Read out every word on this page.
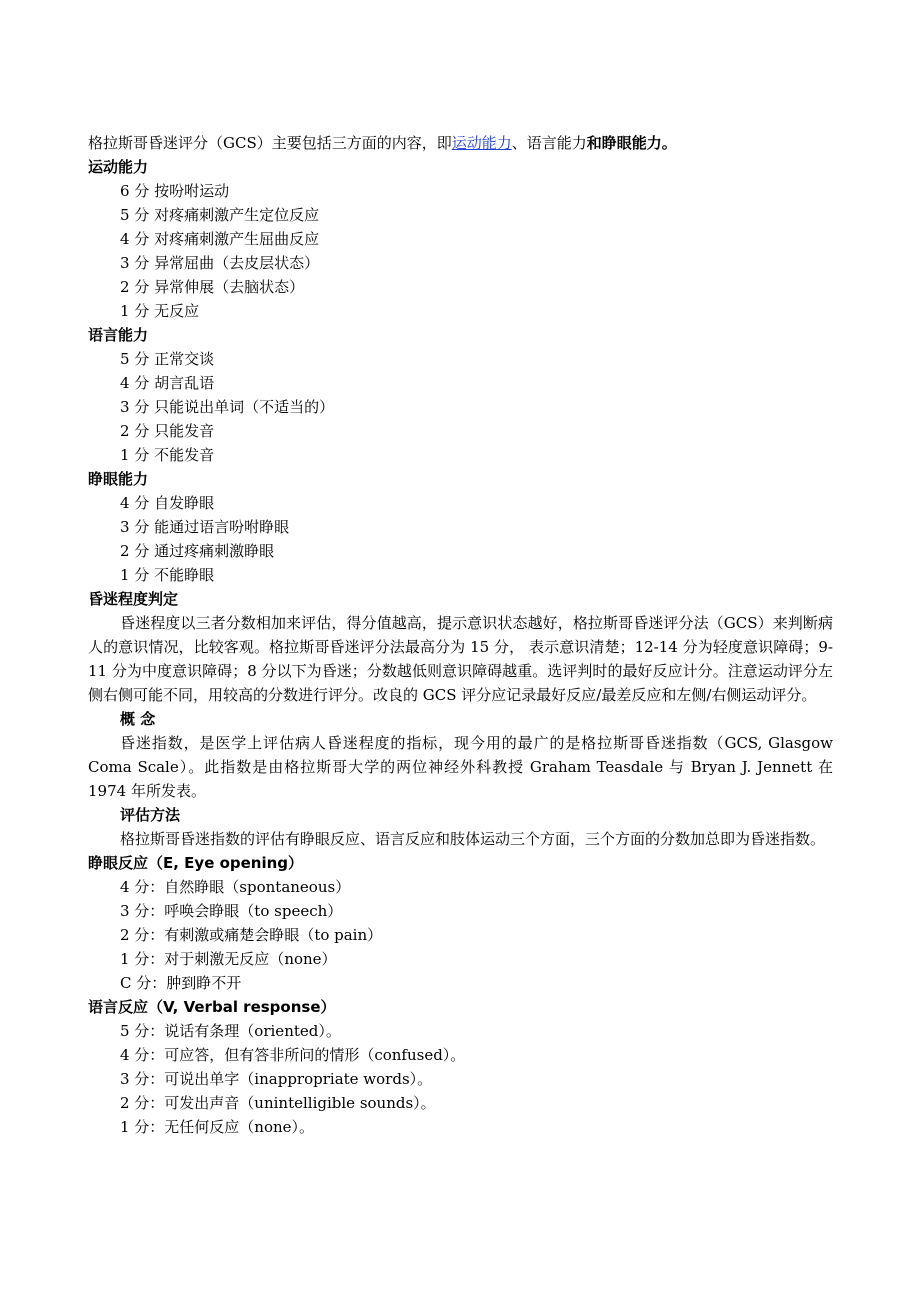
格拉斯哥昏迷评分（GCS）主要包括三方面的内容，即运动能力、语言能力和睁眼能力。
运动能力
6 分 按吩咐运动
5 分 对疼痛刺激产生定位反应
4 分 对疼痛刺激产生屈曲反应
3 分 异常屈曲（去皮层状态）
2 分 异常伸展（去脑状态）
1 分 无反应
语言能力
5 分 正常交谈
4 分 胡言乱语
3 分 只能说出单词（不适当的）
2 分 只能发音
1 分 不能发音
睁眼能力
4 分 自发睁眼
3 分 能通过语言吩咐睁眼
2 分 通过疼痛刺激睁眼
1 分 不能睁眼
昏迷程度判定

昏迷程度以三者分数相加来评估，得分值越高，提示意识状态越好，格拉斯哥昏迷评分法（GCS）来判断病人的意识情况，比较客观。格拉斯哥昏迷评分法最高分为 15 分， 表示意识清楚；12-14 分为轻度意识障碍；9-11 分为中度意识障碍；8 分以下为昏迷；分数越低则意识障碍越重。选评判时的最好反应计分。注意运动评分左侧右侧可能不同，用较高的分数进行评分。改良的 GCS 评分应记录最好反应/最差反应和左侧/右侧运动评分。

概 念

昏迷指数，是医学上评估病人昏迷程度的指标，现今用的最广的是格拉斯哥昏迷指数（GCS, Glasgow Coma Scale）。此指数是由格拉斯哥大学的两位神经外科教授 Graham Teasdale 与 Bryan J. Jennett 在 1974 年所发表。

评估方法

格拉斯哥昏迷指数的评估有睁眼反应、语言反应和肢体运动三个方面，三个方面的分数加总即为昏迷指数。

睁眼反应（E, Eye opening）
4 分：自然睁眼（spontaneous）
3 分：呼唤会睁眼（to speech）
2 分：有刺激或痛楚会睁眼（to pain）
1 分：对于刺激无反应（none）
C 分：肿到睁不开
语言反应（V, Verbal response）
5 分：说话有条理（oriented）。
4 分：可应答，但有答非所问的情形（confused）。
3 分：可说出单字（inappropriate words）。
2 分：可发出声音（unintelligible sounds）。
1 分：无任何反应（none）。
